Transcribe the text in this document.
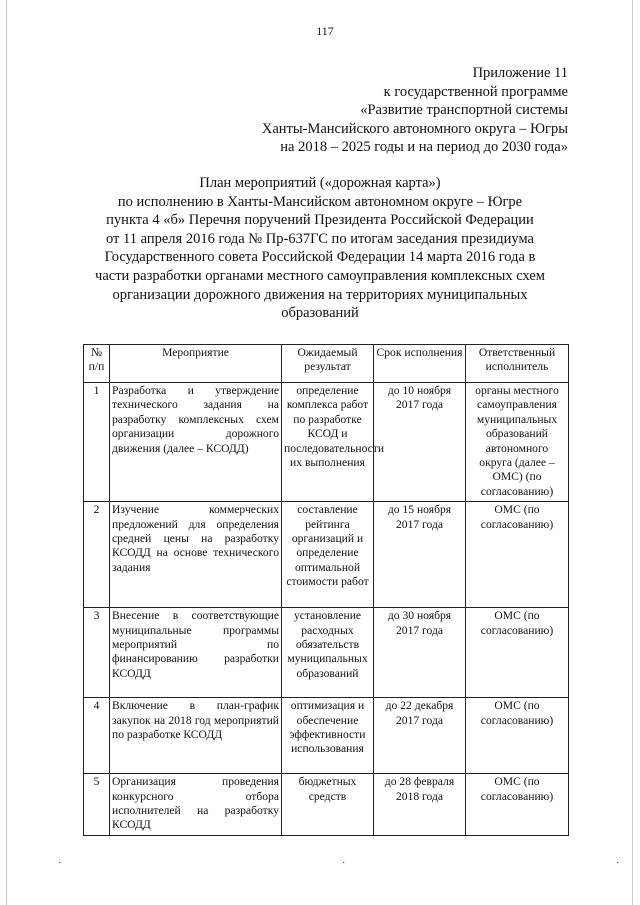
117
Приложение 11
к государственной программе
«Развитие транспортной системы
Ханты-Мансийского автономного округа – Югры
на 2018 – 2025 годы и на период до 2030 года»
План мероприятий («дорожная карта»)
по исполнению в Ханты-Мансийском автономном округе – Югре
пункта 4 «б» Перечня поручений Президента Российской Федерации
от 11 апреля 2016 года № Пр-637ГС по итогам заседания президиума
Государственного совета Российской Федерации 14 марта 2016 года в
части разработки органами местного самоуправления комплексных схем
организации дорожного движения на территориях муниципальных
образований
№ п/п	Мероприятие	Ожидаемый результат	Срок исполнения	Ответственный исполнитель
1	Разработка и утверждение технического задания на разработку комплексных схем организации дорожного движения (далее – КСОДД)	определение комплекса работ по разработке КСОД и последовательности их выполнения	до 10 ноября 2017 года	органы местного самоуправления муниципальных образований автономного округа (далее – ОМС) (по согласованию)
2	Изучение коммерческих предложений для определения средней цены на разработку КСОДД на основе технического задания	составление рейтинга организаций и определение оптимальной стоимости работ	до 15 ноября 2017 года	ОМС (по согласованию)
3	Внесение в соответствующие муниципальные программы мероприятий по финансированию разработки КСОДД	установление расходных обязательств муниципальных образований	до 30 ноября 2017 года	ОМС (по согласованию)
4	Включение в план-график закупок на 2018 год мероприятий по разработке КСОДД	оптимизация и обеспечение эффективности использования	до 22 декабря 2017 года	ОМС (по согласованию)
5	Организация проведения конкурсного отбора исполнителей на разработку КСОДД	бюджетных средств	до 28 февраля 2018 года	ОМС (по согласованию)
·	·	·
